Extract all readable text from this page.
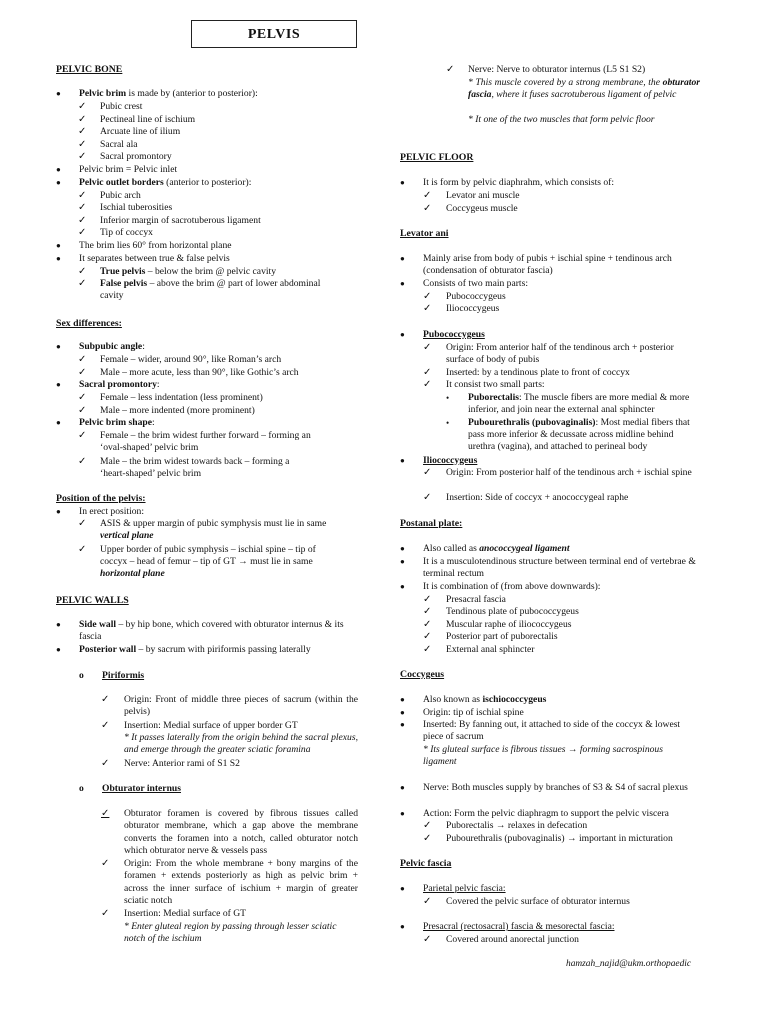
PELVIS
PELVIC BONE
● Pelvic brim is made by (anterior to posterior):
✓ Pubic crest
✓ Pectineal line of ischium
✓ Arcuate line of ilium
✓ Sacral ala
✓ Sacral promontory
● Pelvic brim = Pelvic inlet
● Pelvic outlet borders (anterior to posterior):
✓ Pubic arch
✓ Ischial tuberosities
✓ Inferior margin of sacrotuberous ligament
✓ Tip of coccyx
● The brim lies 60° from horizontal plane
● It separates between true & false pelvis
✓ True pelvis – below the brim @ pelvic cavity
✓ False pelvis – above the brim @ part of lower abdominal cavity
Sex differences:
● Subpubic angle:
✓ Female – wider, around 90°, like Roman’s arch
✓ Male – more acute, less than 90°, like Gothic’s arch
● Sacral promontory:
✓ Female – less indentation (less prominent)
✓ Male – more indented (more prominent)
● Pelvic brim shape:
✓ Female – the brim widest further forward – forming an ‘oval-shaped’ pelvic brim
✓ Male – the brim widest towards back – forming a ‘heart-shaped’ pelvic brim
Position of the pelvis:
● In erect position:
✓ ASIS & upper margin of pubic symphysis must lie in same vertical plane
✓ Upper border of pubic symphysis – ischial spine – tip of coccyx – head of femur – tip of GT → must lie in same horizontal plane
PELVIC WALLS
● Side wall – by hip bone, which covered with obturator internus & its fascia
● Posterior wall – by sacrum with piriformis passing laterally
o Piriformis
✓ Origin: Front of middle three pieces of sacrum (within the pelvis)
✓ Insertion: Medial surface of upper border GT
* It passes laterally from the origin behind the sacral plexus, and emerge through the greater sciatic foramina
✓ Nerve: Anterior rami of S1 S2
o Obturator internus
✓ Obturator foramen is covered by fibrous tissues called obturator membrane, which a gap above the membrane converts the foramen into a notch, called obturator notch which obturator nerve & vessels pass
✓ Origin: From the whole membrane + bony margins of the foramen + extends posteriorly as high as pelvic brim + across the inner surface of ischium + margin of greater sciatic notch
✓ Insertion: Medial surface of GT
* Enter gluteal region by passing through lesser sciatic notch of the ischium
✓ Nerve: Nerve to obturator internus (L5 S1 S2)
* This muscle covered by a strong membrane, the obturator fascia, where it fuses sacrotuberous ligament of pelvic
* It one of the two muscles that form pelvic floor
PELVIC FLOOR
● It is form by pelvic diaphrahm, which consists of:
✓ Levator ani muscle
✓ Coccygeus muscle
Levator ani
● Mainly arise from body of pubis + ischial spine + tendinous arch (condensation of obturator fascia)
● Consists of two main parts:
✓ Pubococcygeus
✓ Iliococcygeus
● Pubococcygeus
✓ Origin: From anterior half of the tendinous arch + posterior surface of body of pubis
✓ Inserted: by a tendinous plate to front of coccyx
✓ It consist two small parts:
• Puborectalis: The muscle fibers are more medial & more inferior, and join near the external anal sphincter
• Pubourethralis (pubovaginalis): Most medial fibers that pass more inferior & decussate across midline behind urethra (vagina), and attached to perineal body
● Iliococcygeus
✓ Origin: From posterior half of the tendinous arch + ischial spine
✓ Insertion: Side of coccyx + anococcygeal raphe
Postanal plate:
● Also called as anococcygeal ligament
● It is a musculotendinous structure between terminal end of vertebrae & terminal rectum
● It is combination of (from above downwards):
✓ Presacral fascia
✓ Tendinous plate of pubococcygeus
✓ Muscular raphe of iliococcygeus
✓ Posterior part of puborectalis
✓ External anal sphincter
Coccygeus
● Also known as ischiococcygeus
● Origin: tip of ischial spine
● Inserted: By fanning out, it attached to side of the coccyx & lowest piece of sacrum
* Its gluteal surface is fibrous tissues → forming sacrospinous ligament
● Nerve: Both muscles supply by branches of S3 & S4 of sacral plexus
● Action: Form the pelvic diaphragm to support the pelvic viscera
✓ Puborectalis → relaxes in defecation
✓ Pubourethralis (pubovaginalis) → important in micturation
Pelvic fascia
● Parietal pelvic fascia:
✓ Covered the pelvic surface of obturator internus
● Presacral (rectosacral) fascia & mesorectal fascia:
✓ Covered around anorectal junction
hamzah_najid@ukm.orthopaedic
